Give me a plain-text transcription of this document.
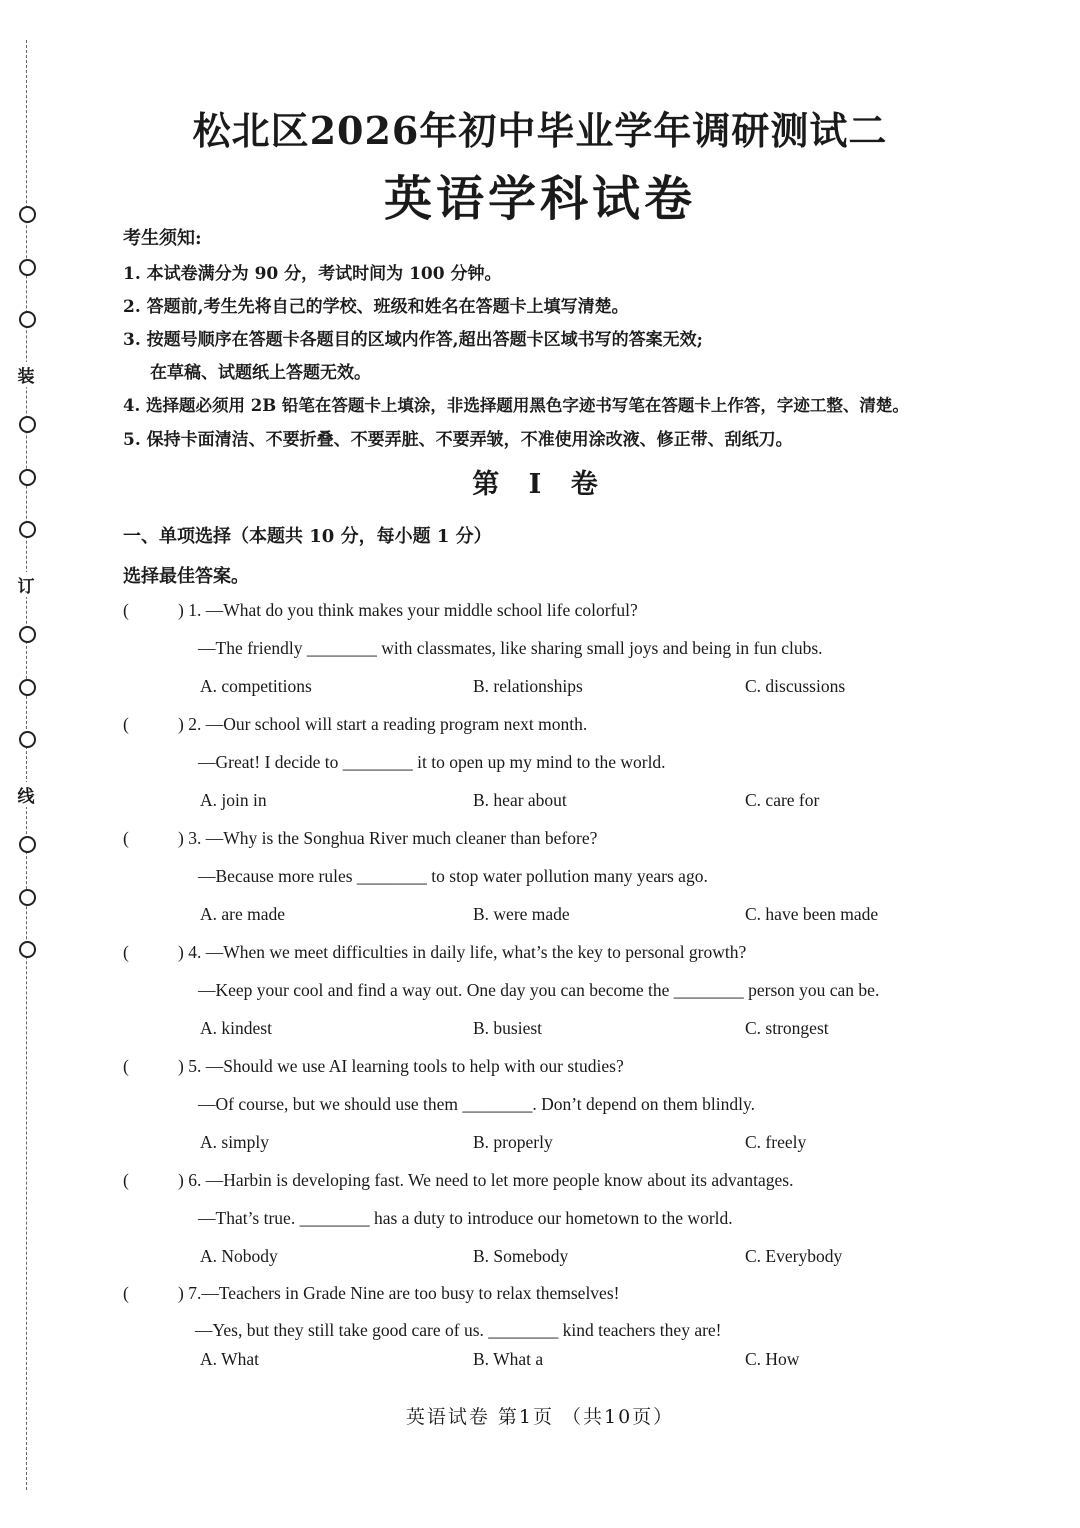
装
订
线
松北区2026年初中毕业学年调研测试二
英语学科试卷
考生须知:
1. 本试卷满分为 90 分，考试时间为 100 分钟。
2. 答题前,考生先将自己的学校、班级和姓名在答题卡上填写清楚。
3. 按题号顺序在答题卡各题目的区域内作答,超出答题卡区域书写的答案无效;
在草稿、试题纸上答题无效。
4. 选择题必须用 2B 铅笔在答题卡上填涂，非选择题用黑色字迹书写笔在答题卡上作答，字迹工整、清楚。
5. 保持卡面清洁、不要折叠、不要弄脏、不要弄皱，不准使用涂改液、修正带、刮纸刀。
第 I 卷
一、单项选择（本题共 10 分，每小题 1 分）
选择最佳答案。
(	) 1. —What do you think makes your middle school life colorful?
—The friendly ________ with classmates, like sharing small joys and being in fun clubs.
A. competitions	B. relationships	C. discussions
(	) 2. —Our school will start a reading program next month.
—Great! I decide to ________ it to open up my mind to the world.
A. join in	B. hear about	C. care for
(	) 3. —Why is the Songhua River much cleaner than before?
—Because more rules ________ to stop water pollution many years ago.
A. are made	B. were made	C. have been made
(	) 4. —When we meet difficulties in daily life, what’s the key to personal growth?
—Keep your cool and find a way out. One day you can become the ________ person you can be.
A. kindest	B. busiest	C. strongest
(	) 5. —Should we use AI learning tools to help with our studies?
—Of course, but we should use them ________. Don’t depend on them blindly.
A. simply	B. properly	C. freely
(	) 6. —Harbin is developing fast. We need to let more people know about its advantages.
—That’s true. ________ has a duty to introduce our hometown to the world.
A. Nobody	B. Somebody	C. Everybody
(	) 7.—Teachers in Grade Nine are too busy to relax themselves!
—Yes, but they still take good care of us. ________ kind teachers they are!
A. What	B. What a	C. How
英语试卷 第1页 （共10页）
